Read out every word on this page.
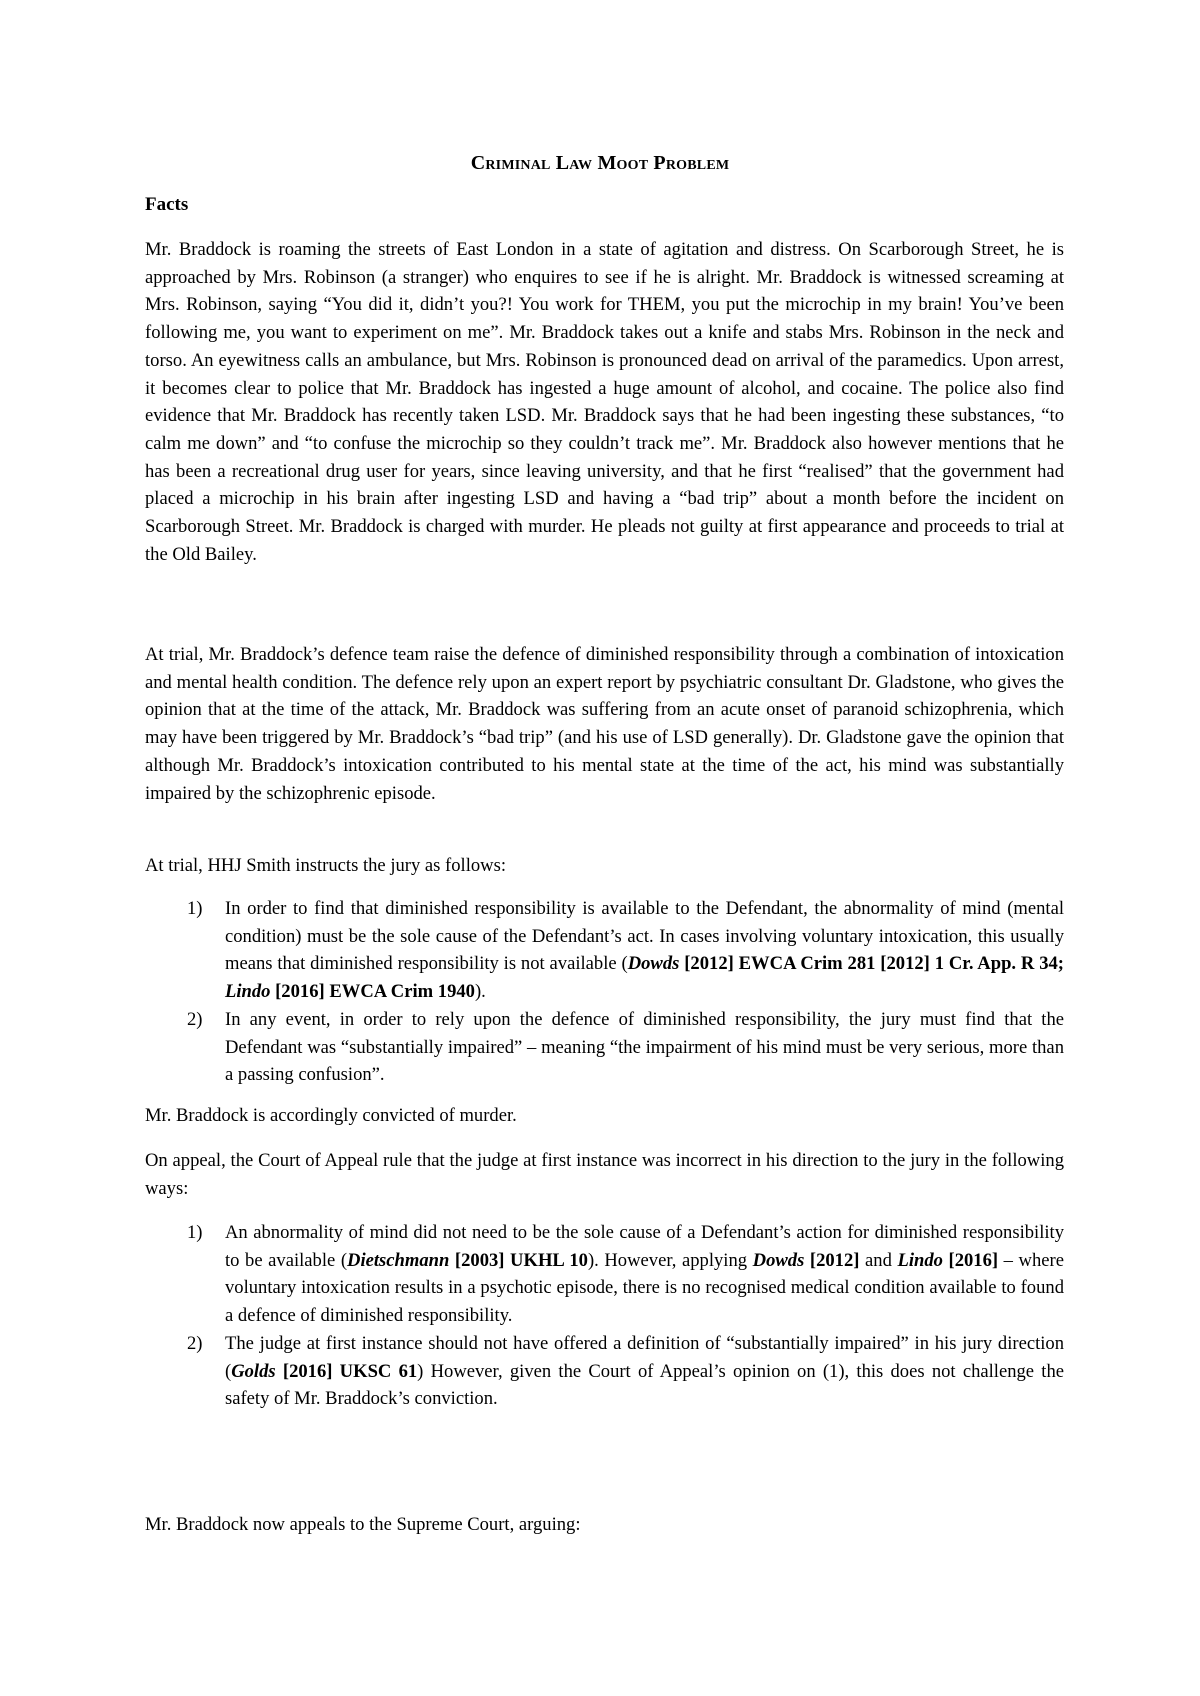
Criminal Law Moot Problem
Facts

Mr. Braddock is roaming the streets of East London in a state of agitation and distress. On Scarborough Street, he is approached by Mrs. Robinson (a stranger) who enquires to see if he is alright. Mr. Braddock is witnessed screaming at Mrs. Robinson, saying “You did it, didn’t you?! You work for THEM, you put the microchip in my brain! You’ve been following me, you want to experiment on me”. Mr. Braddock takes out a knife and stabs Mrs. Robinson in the neck and torso. An eyewitness calls an ambulance, but Mrs. Robinson is pronounced dead on arrival of the paramedics. Upon arrest, it becomes clear to police that Mr. Braddock has ingested a huge amount of alcohol, and cocaine. The police also find evidence that Mr. Braddock has recently taken LSD. Mr. Braddock says that he had been ingesting these substances, “to calm me down” and “to confuse the microchip so they couldn’t track me”. Mr. Braddock also however mentions that he has been a recreational drug user for years, since leaving university, and that he first “realised” that the government had placed a microchip in his brain after ingesting LSD and having a “bad trip” about a month before the incident on Scarborough Street. Mr. Braddock is charged with murder. He pleads not guilty at first appearance and proceeds to trial at the Old Bailey.

At trial, Mr. Braddock’s defence team raise the defence of diminished responsibility through a combination of intoxication and mental health condition. The defence rely upon an expert report by psychiatric consultant Dr. Gladstone, who gives the opinion that at the time of the attack, Mr. Braddock was suffering from an acute onset of paranoid schizophrenia, which may have been triggered by Mr. Braddock’s “bad trip” (and his use of LSD generally). Dr. Gladstone gave the opinion that although Mr. Braddock’s intoxication contributed to his mental state at the time of the act, his mind was substantially impaired by the schizophrenic episode.

At trial, HHJ Smith instructs the jury as follows:

1) In order to find that diminished responsibility is available to the Defendant, the abnormality of mind (mental condition) must be the sole cause of the Defendant’s act. In cases involving voluntary intoxication, this usually means that diminished responsibility is not available (Dowds [2012] EWCA Crim 281 [2012] 1 Cr. App. R 34; Lindo [2016] EWCA Crim 1940).
2) In any event, in order to rely upon the defence of diminished responsibility, the jury must find that the Defendant was “substantially impaired” – meaning “the impairment of his mind must be very serious, more than a passing confusion”.

Mr. Braddock is accordingly convicted of murder.

On appeal, the Court of Appeal rule that the judge at first instance was incorrect in his direction to the jury in the following ways:

1) An abnormality of mind did not need to be the sole cause of a Defendant’s action for diminished responsibility to be available (Dietschmann [2003] UKHL 10). However, applying Dowds [2012] and Lindo [2016] – where voluntary intoxication results in a psychotic episode, there is no recognised medical condition available to found a defence of diminished responsibility.
2) The judge at first instance should not have offered a definition of “substantially impaired” in his jury direction (Golds [2016] UKSC 61) However, given the Court of Appeal’s opinion on (1), this does not challenge the safety of Mr. Braddock’s conviction.

Mr. Braddock now appeals to the Supreme Court, arguing:
